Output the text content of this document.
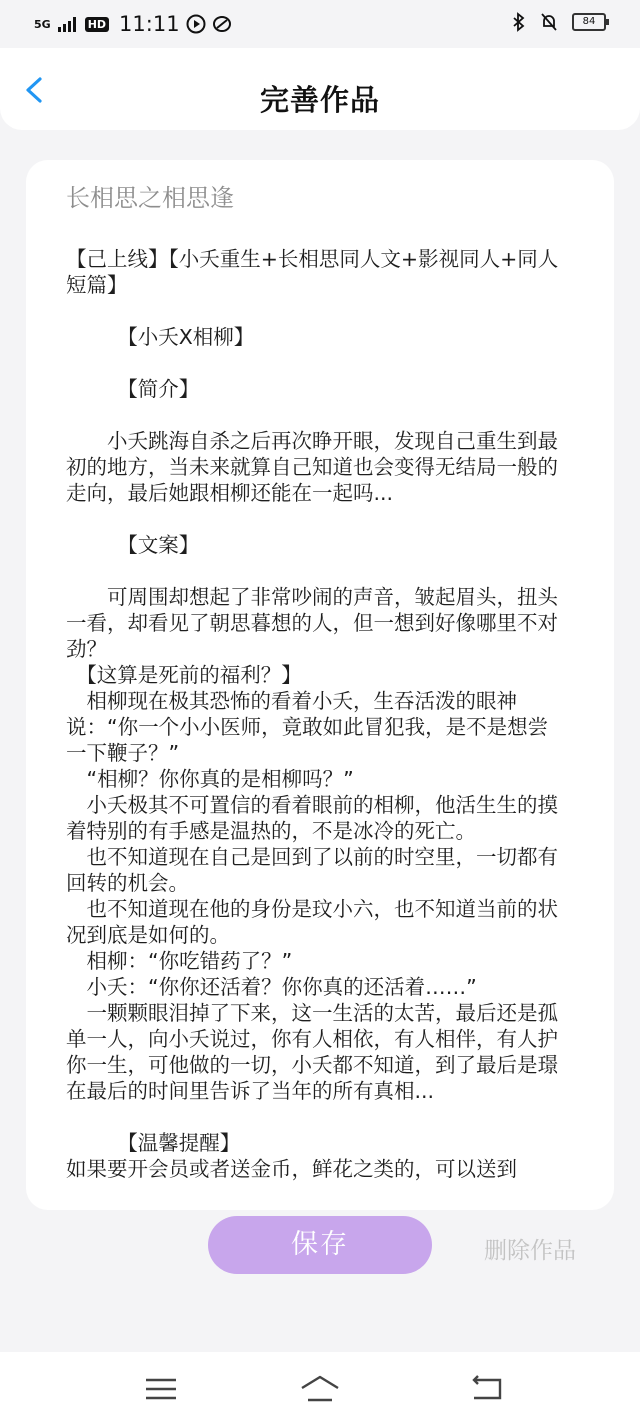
5G	HD 11:11	84
完善作品
长相思之相思逢
【己上线】【小夭重生+长相思同人文+影视同人+同人短篇】

　　　【小夭X相柳】

　　　【简介】

　　小夭跳海自杀之后再次睁开眼，发现自己重生到最初的地方，当未来就算自己知道也会变得无结局一般的走向，最后她跟相柳还能在一起吗...

　　　【文案】

　　可周围却想起了非常吵闹的声音，皱起眉头，扭头一看，却看见了朝思暮想的人，但一想到好像哪里不对劲？
　【这算是死前的福利？】
　相柳现在极其恐怖的看着小夭，生吞活泼的眼神说：“你一个小小医师，竟敢如此冒犯我，是不是想尝一下鞭子？”
　“相柳？你你真的是相柳吗？”
　小夭极其不可置信的看着眼前的相柳，他活生生的摸着特别的有手感是温热的，不是冰冷的死亡。
　也不知道现在自己是回到了以前的时空里，一切都有回转的机会。
　也不知道现在他的身份是玟小六，也不知道当前的状况到底是如何的。
　相柳：“你吃错药了？”
　小夭：“你你还活着？你你真的还活着……”
　一颗颗眼泪掉了下来，这一生活的太苦，最后还是孤单一人，向小夭说过，你有人相依，有人相伴，有人护你一生，可他做的一切，小夭都不知道，到了最后是璟在最后的时间里告诉了当年的所有真相...

　　　【温馨提醒】
如果要开会员或者送金币，鲜花之类的，可以送到
保存	删除作品
